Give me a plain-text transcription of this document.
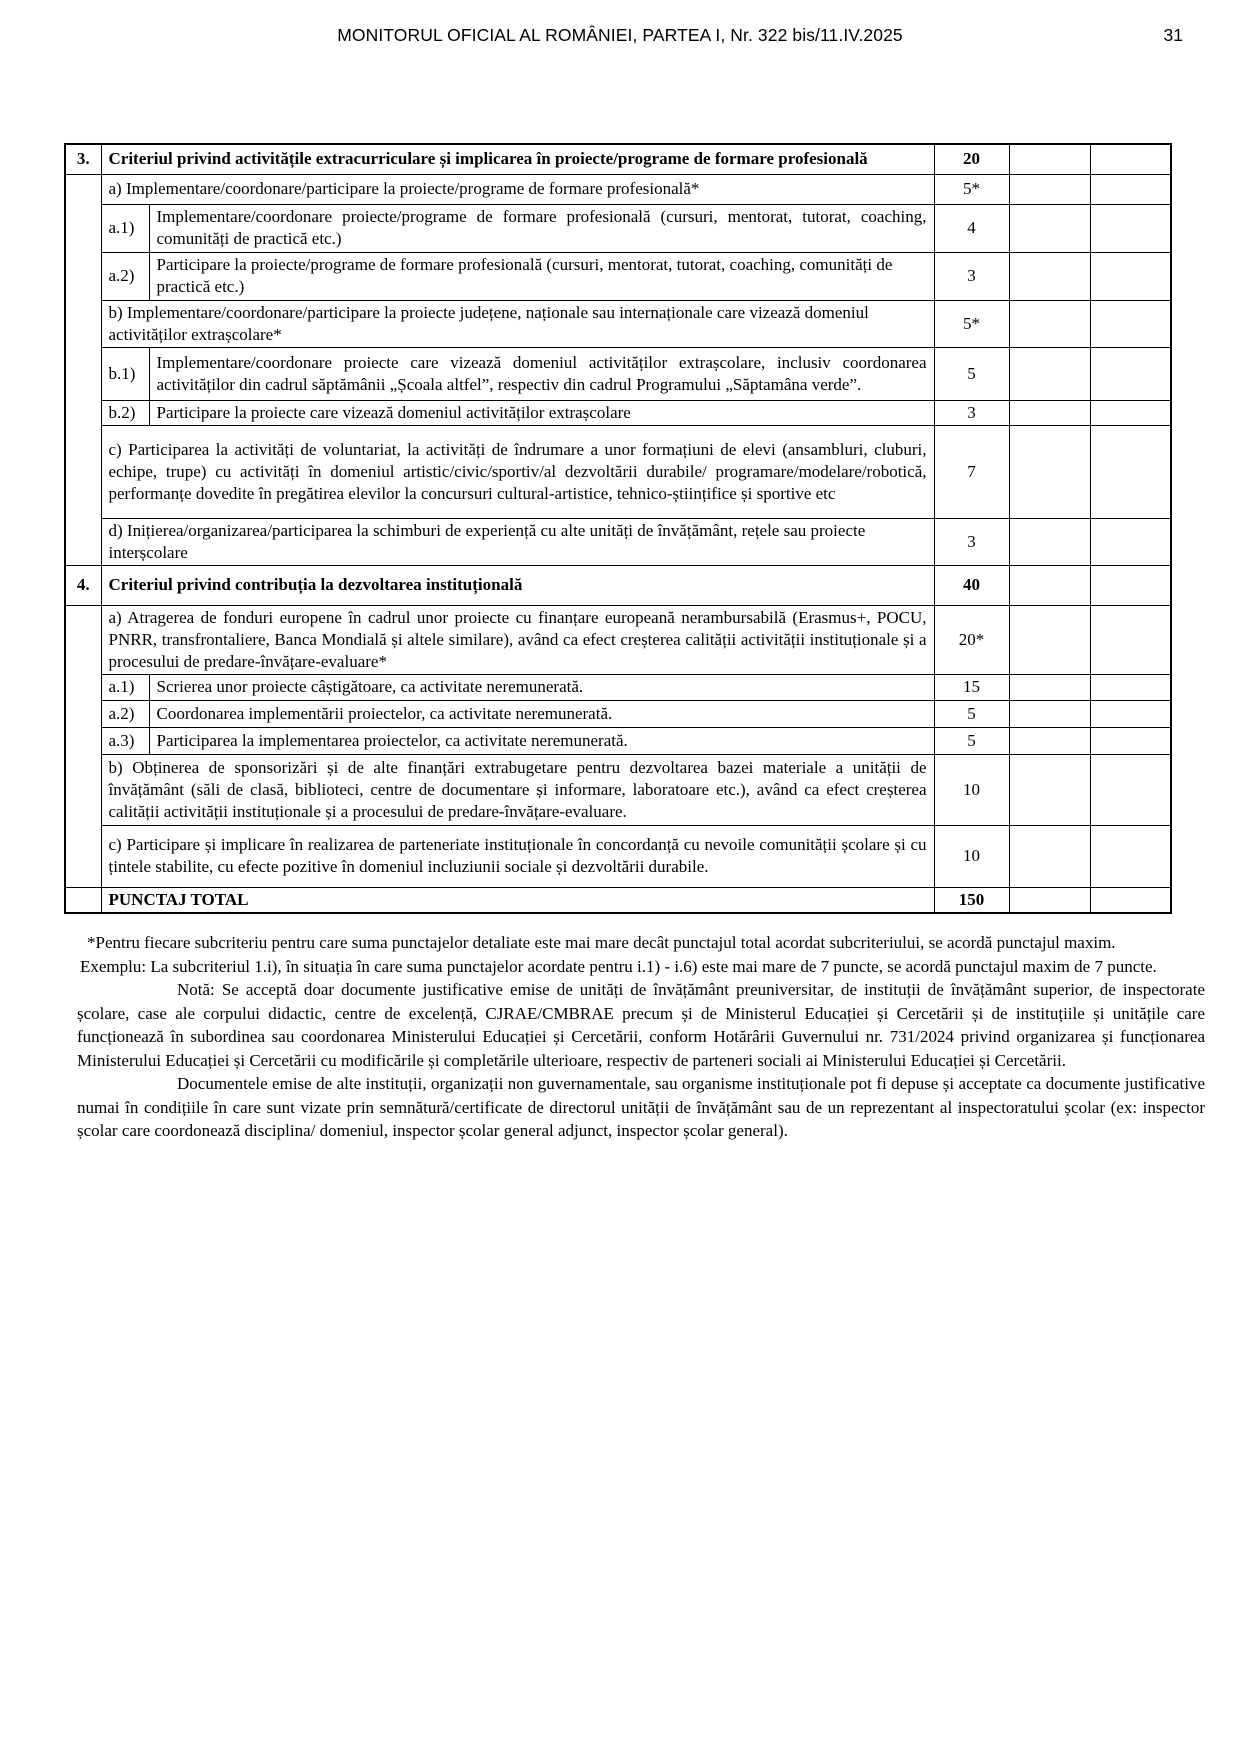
MONITORUL OFICIAL AL ROMÂNIEI, PARTEA I, Nr. 322 bis/11.IV.2025	31
3.	Criteriul privind activitățile extracurriculare și implicarea în proiecte/programe de formare profesională		20		
	a) Implementare/coordonare/participare la proiecte/programe de formare profesională*		5*		
	a.1)	Implementare/coordonare proiecte/programe de formare profesională (cursuri, mentorat, tutorat, coaching, comunități de practică etc.)	4		
	a.2)	Participare la proiecte/programe de formare profesională (cursuri, mentorat, tutorat, coaching, comunități de practică etc.)	3		
	b) Implementare/coordonare/participare la proiecte județene, naționale sau internaționale care vizează domeniul activităților extrașcolare*		5*		
	b.1)	Implementare/coordonare proiecte care vizează domeniul activităților extrașcolare, inclusiv coordonarea activităților din cadrul săptămânii „Școala altfel”, respectiv din cadrul Programului „Săptamâna verde”.	5		
	b.2)	Participare la proiecte care vizează domeniul activităților extrașcolare	3		
	c) Participarea la activități de voluntariat, la activități de îndrumare a unor formațiuni de elevi (ansambluri, cluburi, echipe, trupe) cu activități în domeniul artistic/civic/sportiv/al dezvoltării durabile/ programare/modelare/robotică, performanțe dovedite în pregătirea elevilor la concursuri cultural-artistice, tehnico-științifice și sportive etc		7		
	d) Inițierea/organizarea/participarea la schimburi de experiență cu alte unități de învățământ, rețele sau proiecte interșcolare		3		
4.	Criteriul privind contribuția la dezvoltarea instituțională		40		
	a) Atragerea de fonduri europene în cadrul unor proiecte cu finanțare europeană nerambursabilă (Erasmus+, POCU, PNRR, transfrontaliere, Banca Mondială și altele similare), având ca efect creșterea calității activității instituționale și a procesului de predare-învățare-evaluare*		20*		
	a.1)	Scrierea unor proiecte câștigătoare, ca activitate neremunerată.	15		
	a.2)	Coordonarea implementării proiectelor, ca activitate neremunerată.	5		
	a.3)	Participarea la implementarea proiectelor, ca activitate neremunerată.	5		
	b) Obținerea de sponsorizări și de alte finanțări extrabugetare pentru dezvoltarea bazei materiale a unității de învățământ (săli de clasă, biblioteci, centre de documentare și informare, laboratoare etc.), având ca efect creșterea calității activității instituționale și a procesului de predare-învățare-evaluare.		10		
	c) Participare și implicare în realizarea de parteneriate instituționale în concordanță cu nevoile comunității școlare și cu țintele stabilite, cu efecte pozitive în domeniul incluziunii sociale și dezvoltării durabile.		10		
	PUNCTAJ TOTAL		150		

*Pentru fiecare subcriteriu pentru care suma punctajelor detaliate este mai mare decât punctajul total acordat subcriteriului, se acordă punctajul maxim.

Exemplu: La subcriteriul 1.i), în situația în care suma punctajelor acordate pentru i.1) - i.6) este mai mare de 7 puncte, se acordă punctajul maxim de 7 puncte.

Notă: Se acceptă doar documente justificative emise de unități de învățământ preuniversitar, de instituții de învățământ superior, de inspectorate școlare, case ale corpului didactic, centre de excelență, CJRAE/CMBRAE precum și de Ministerul Educației și Cercetării și de instituțiile și unitățile care funcționează în subordinea sau coordonarea Ministerului Educației și Cercetării, conform Hotărârii Guvernului nr. 731/2024 privind organizarea și funcționarea Ministerului Educației și Cercetării cu modificările și completările ulterioare, respectiv de parteneri sociali ai Ministerului Educației și Cercetării.

Documentele emise de alte instituții, organizații non guvernamentale, sau organisme instituționale pot fi depuse și acceptate ca documente justificative numai în condițiile în care sunt vizate prin semnătură/certificate de directorul unității de învățământ sau de un reprezentant al inspectoratului școlar (ex: inspector școlar care coordonează disciplina/ domeniul, inspector școlar general adjunct, inspector școlar general).
